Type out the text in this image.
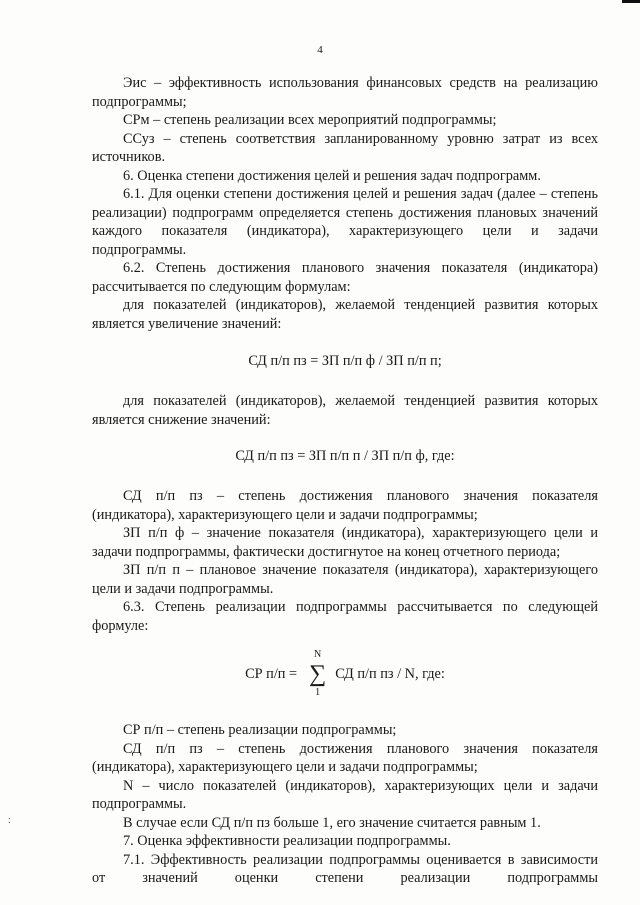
:
4

Эис – эффективность использования финансовых средств на реализацию подпрограммы;

СРм – степень реализации всех мероприятий подпрограммы;

ССуз – степень соответствия запланированному уровню затрат из всех источников.

6. Оценка степени достижения целей и решения задач подпрограмм.

6.1. Для оценки степени достижения целей и решения задач (далее – степень реализации) подпрограмм определяется степень достижения плановых значений каждого показателя (индикатора), характеризующего цели и задачи подпрограммы.

6.2. Степень достижения планового значения показателя (индикатора) рассчитывается по следующим формулам:

для показателей (индикаторов), желаемой тенденцией развития которых является увеличение значений:

СД п/п пз = ЗП п/п ф / ЗП п/п п;

для показателей (индикаторов), желаемой тенденцией развития которых является снижение значений:

СД п/п пз = ЗП п/п п / ЗП п/п ф, где:

СД п/п пз – степень достижения планового значения показателя (индикатора), характеризующего цели и задачи подпрограммы;

ЗП п/п ф – значение показателя (индикатора), характеризующего цели и задачи подпрограммы, фактически достигнутое на конец отчетного периода;

ЗП п/п п – плановое значение показателя (индикатора), характеризующего цели и задачи подпрограммы.

6.3. Степень реализации подпрограммы рассчитывается по следующей формуле:

СР п/п =
N
∑
1
СД п/п пз / N, где:

СР п/п – степень реализации подпрограммы;

СД п/п пз – степень достижения планового значения показателя (индикатора), характеризующего цели и задачи подпрограммы;

N – число показателей (индикаторов), характеризующих цели и задачи подпрограммы.

В случае если СД п/п пз больше 1, его значение считается равным 1.

7. Оценка эффективности реализации подпрограммы.

7.1. Эффективность реализации подпрограммы оценивается в зависимости от значений оценки степени реализации подпрограммы
